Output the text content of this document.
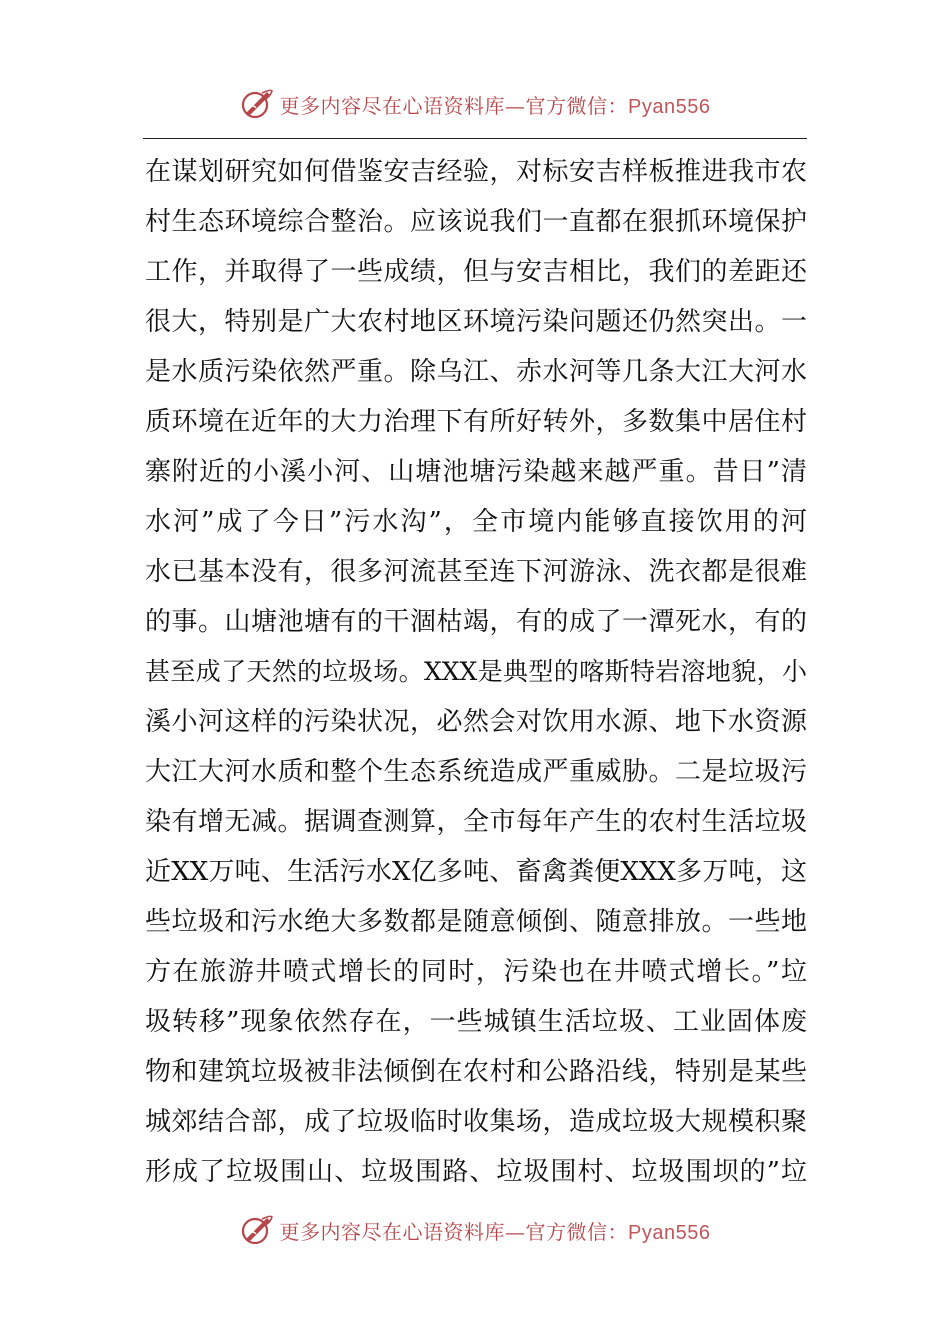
更多内容尽在心语资料库—官方微信：Pyan556
在谋划研究如何借鉴安吉经验，对标安吉样板推进我市农
村生态环境综合整治。应该说我们一直都在狠抓环境保护
工作，并取得了一些成绩，但与安吉相比，我们的差距还
很大，特别是广大农村地区环境污染问题还仍然突出。一
是水质污染依然严重。除乌江、赤水河等几条大江大河水
质环境在近年的大力治理下有所好转外，多数集中居住村
寨附近的小溪小河、山塘池塘污染越来越严重。昔日”清
水河”成了今日”污水沟”，全市境内能够直接饮用的河
水已基本没有，很多河流甚至连下河游泳、洗衣都是很难
的事。山塘池塘有的干涸枯竭，有的成了一潭死水，有的
甚至成了天然的垃圾场。XXX是典型的喀斯特岩溶地貌，小
溪小河这样的污染状况，必然会对饮用水源、地下水资源
大江大河水质和整个生态系统造成严重威胁。二是垃圾污
染有增无减。据调查测算，全市每年产生的农村生活垃圾
近XX万吨、生活污水X亿多吨、畜禽粪便XXX多万吨，这
些垃圾和污水绝大多数都是随意倾倒、随意排放。一些地
方在旅游井喷式增长的同时，污染也在井喷式增长。”垃
圾转移”现象依然存在，一些城镇生活垃圾、工业固体废
物和建筑垃圾被非法倾倒在农村和公路沿线，特别是某些
城郊结合部，成了垃圾临时收集场，造成垃圾大规模积聚
形成了垃圾围山、垃圾围路、垃圾围村、垃圾围坝的”垃
更多内容尽在心语资料库—官方微信：Pyan556
